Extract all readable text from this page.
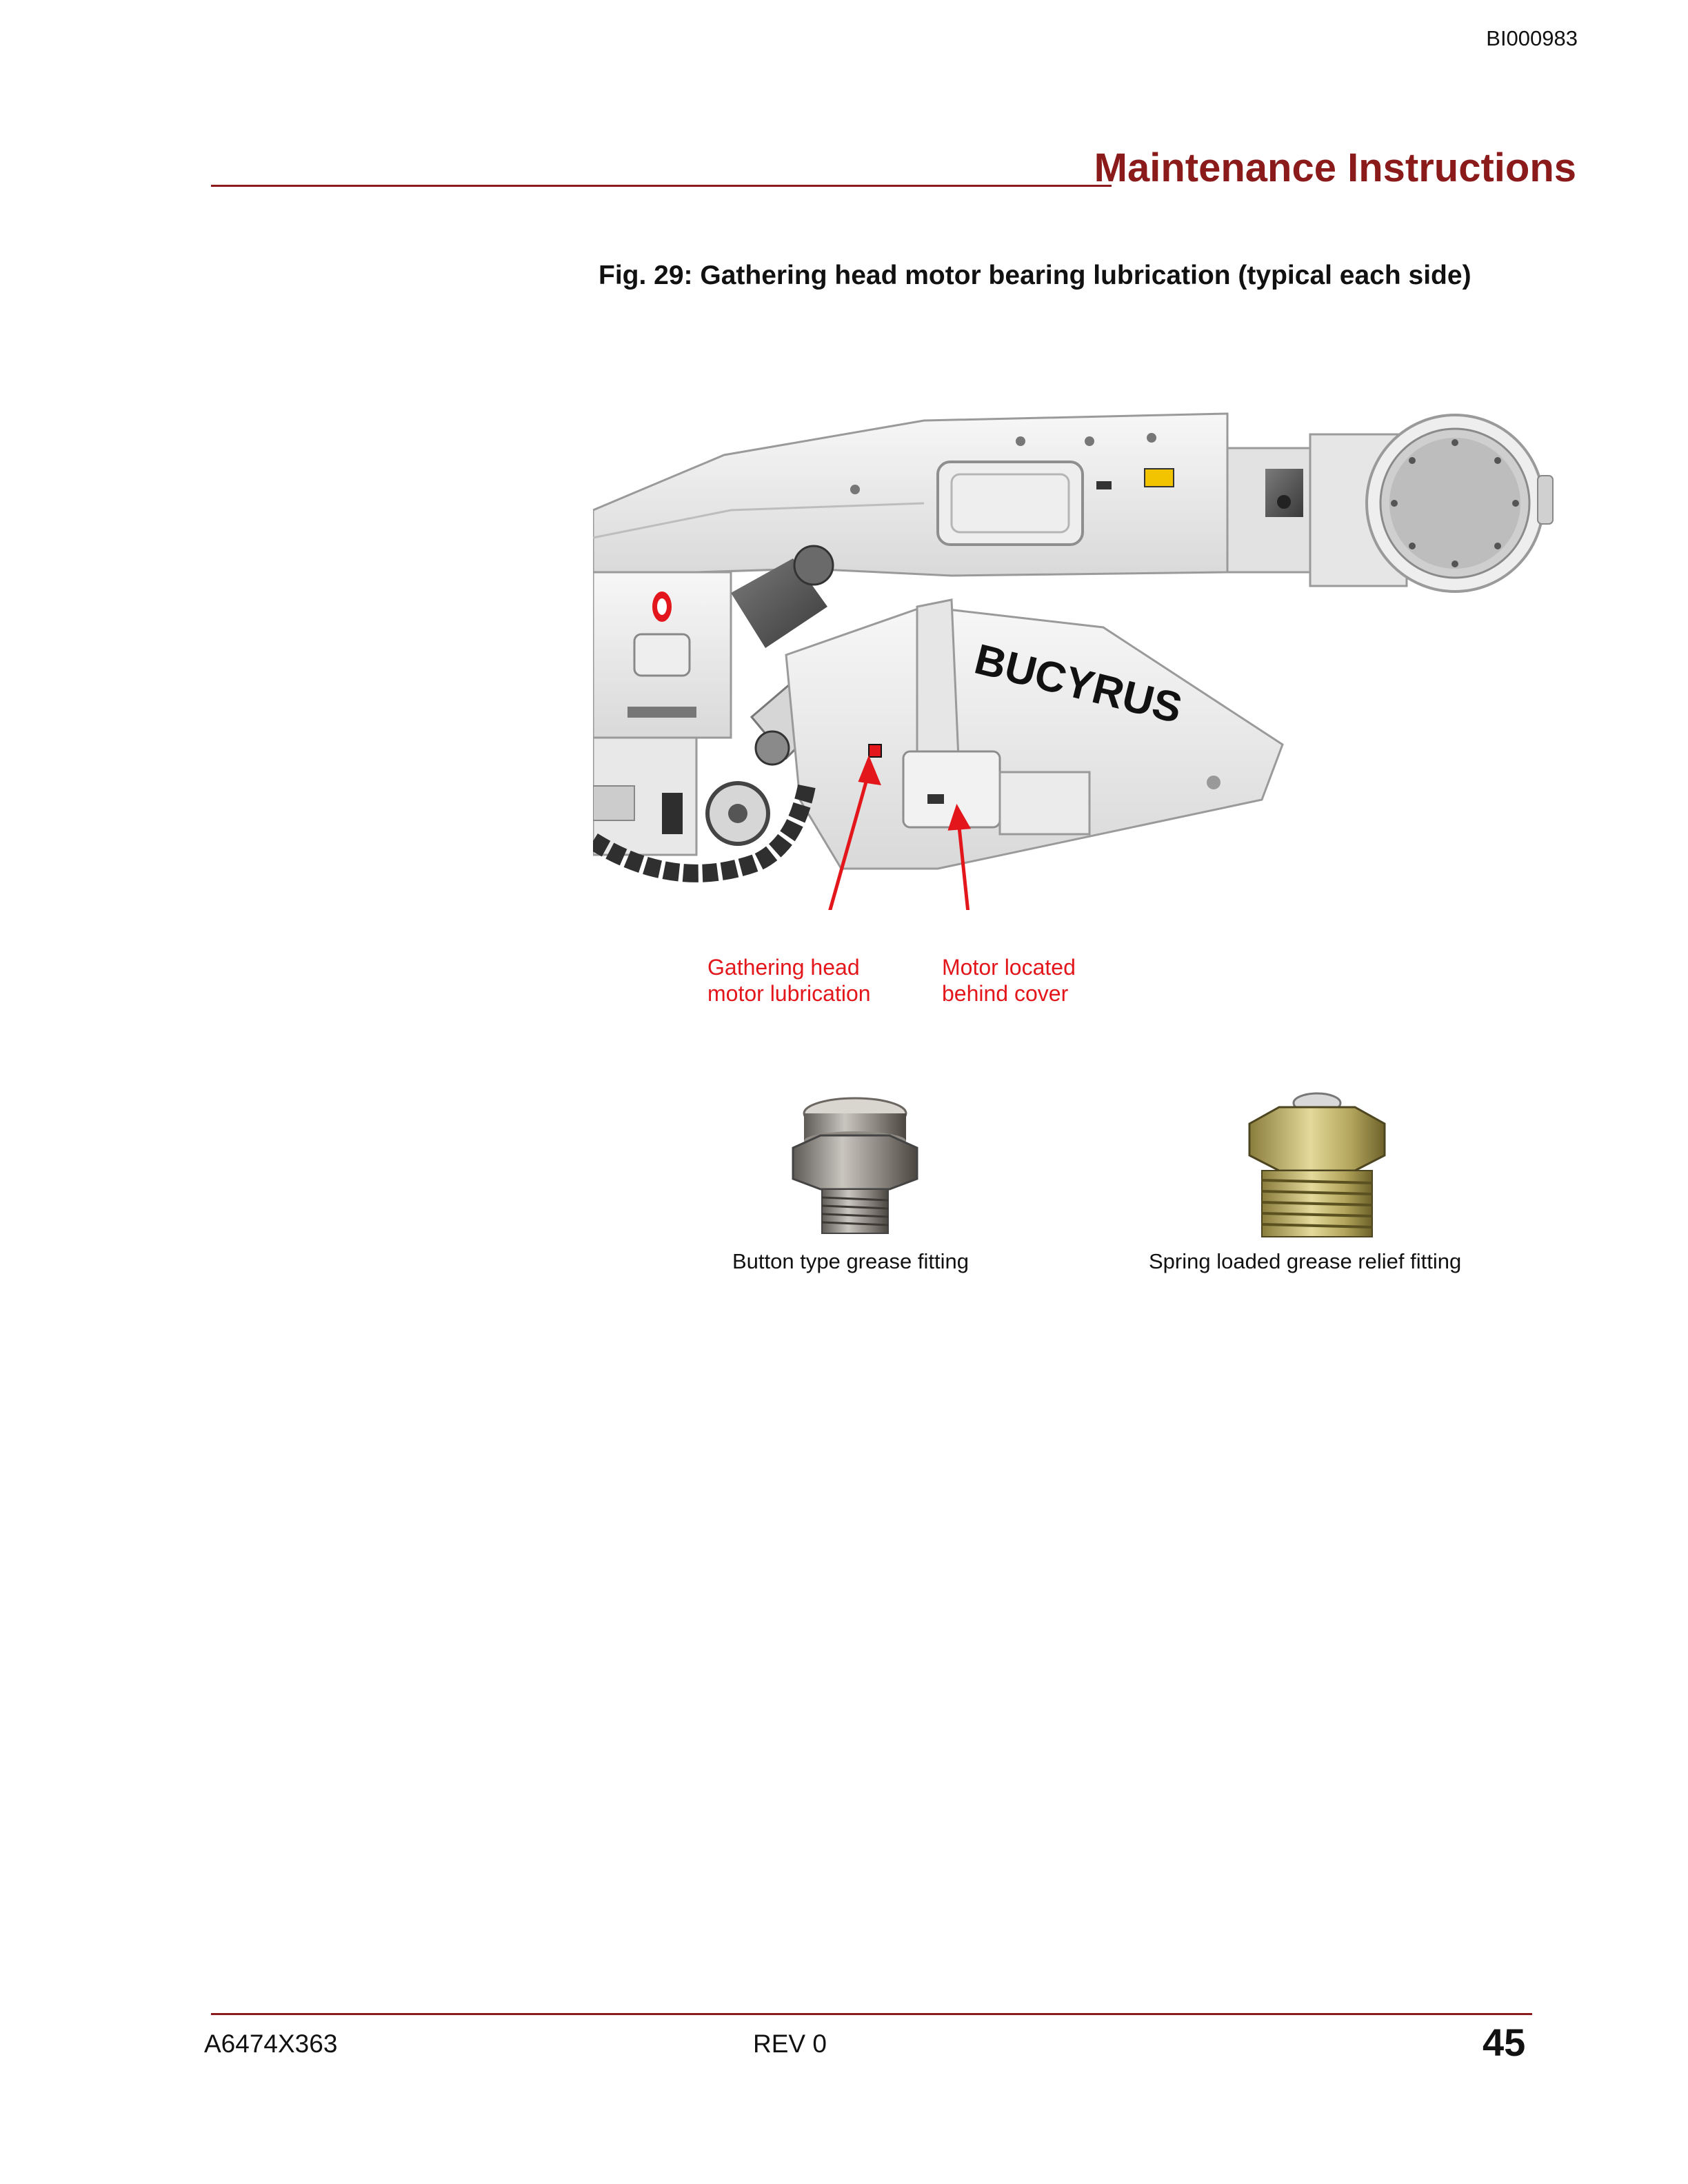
BI000983
Maintenance Instructions
Fig. 29: Gathering head motor bearing lubrication (typical each side)
BUCYRUS
Gathering head
motor lubrication
Motor located
behind cover
Button type grease fitting	Spring loaded grease relief fitting
A6474X363	REV 0	45
